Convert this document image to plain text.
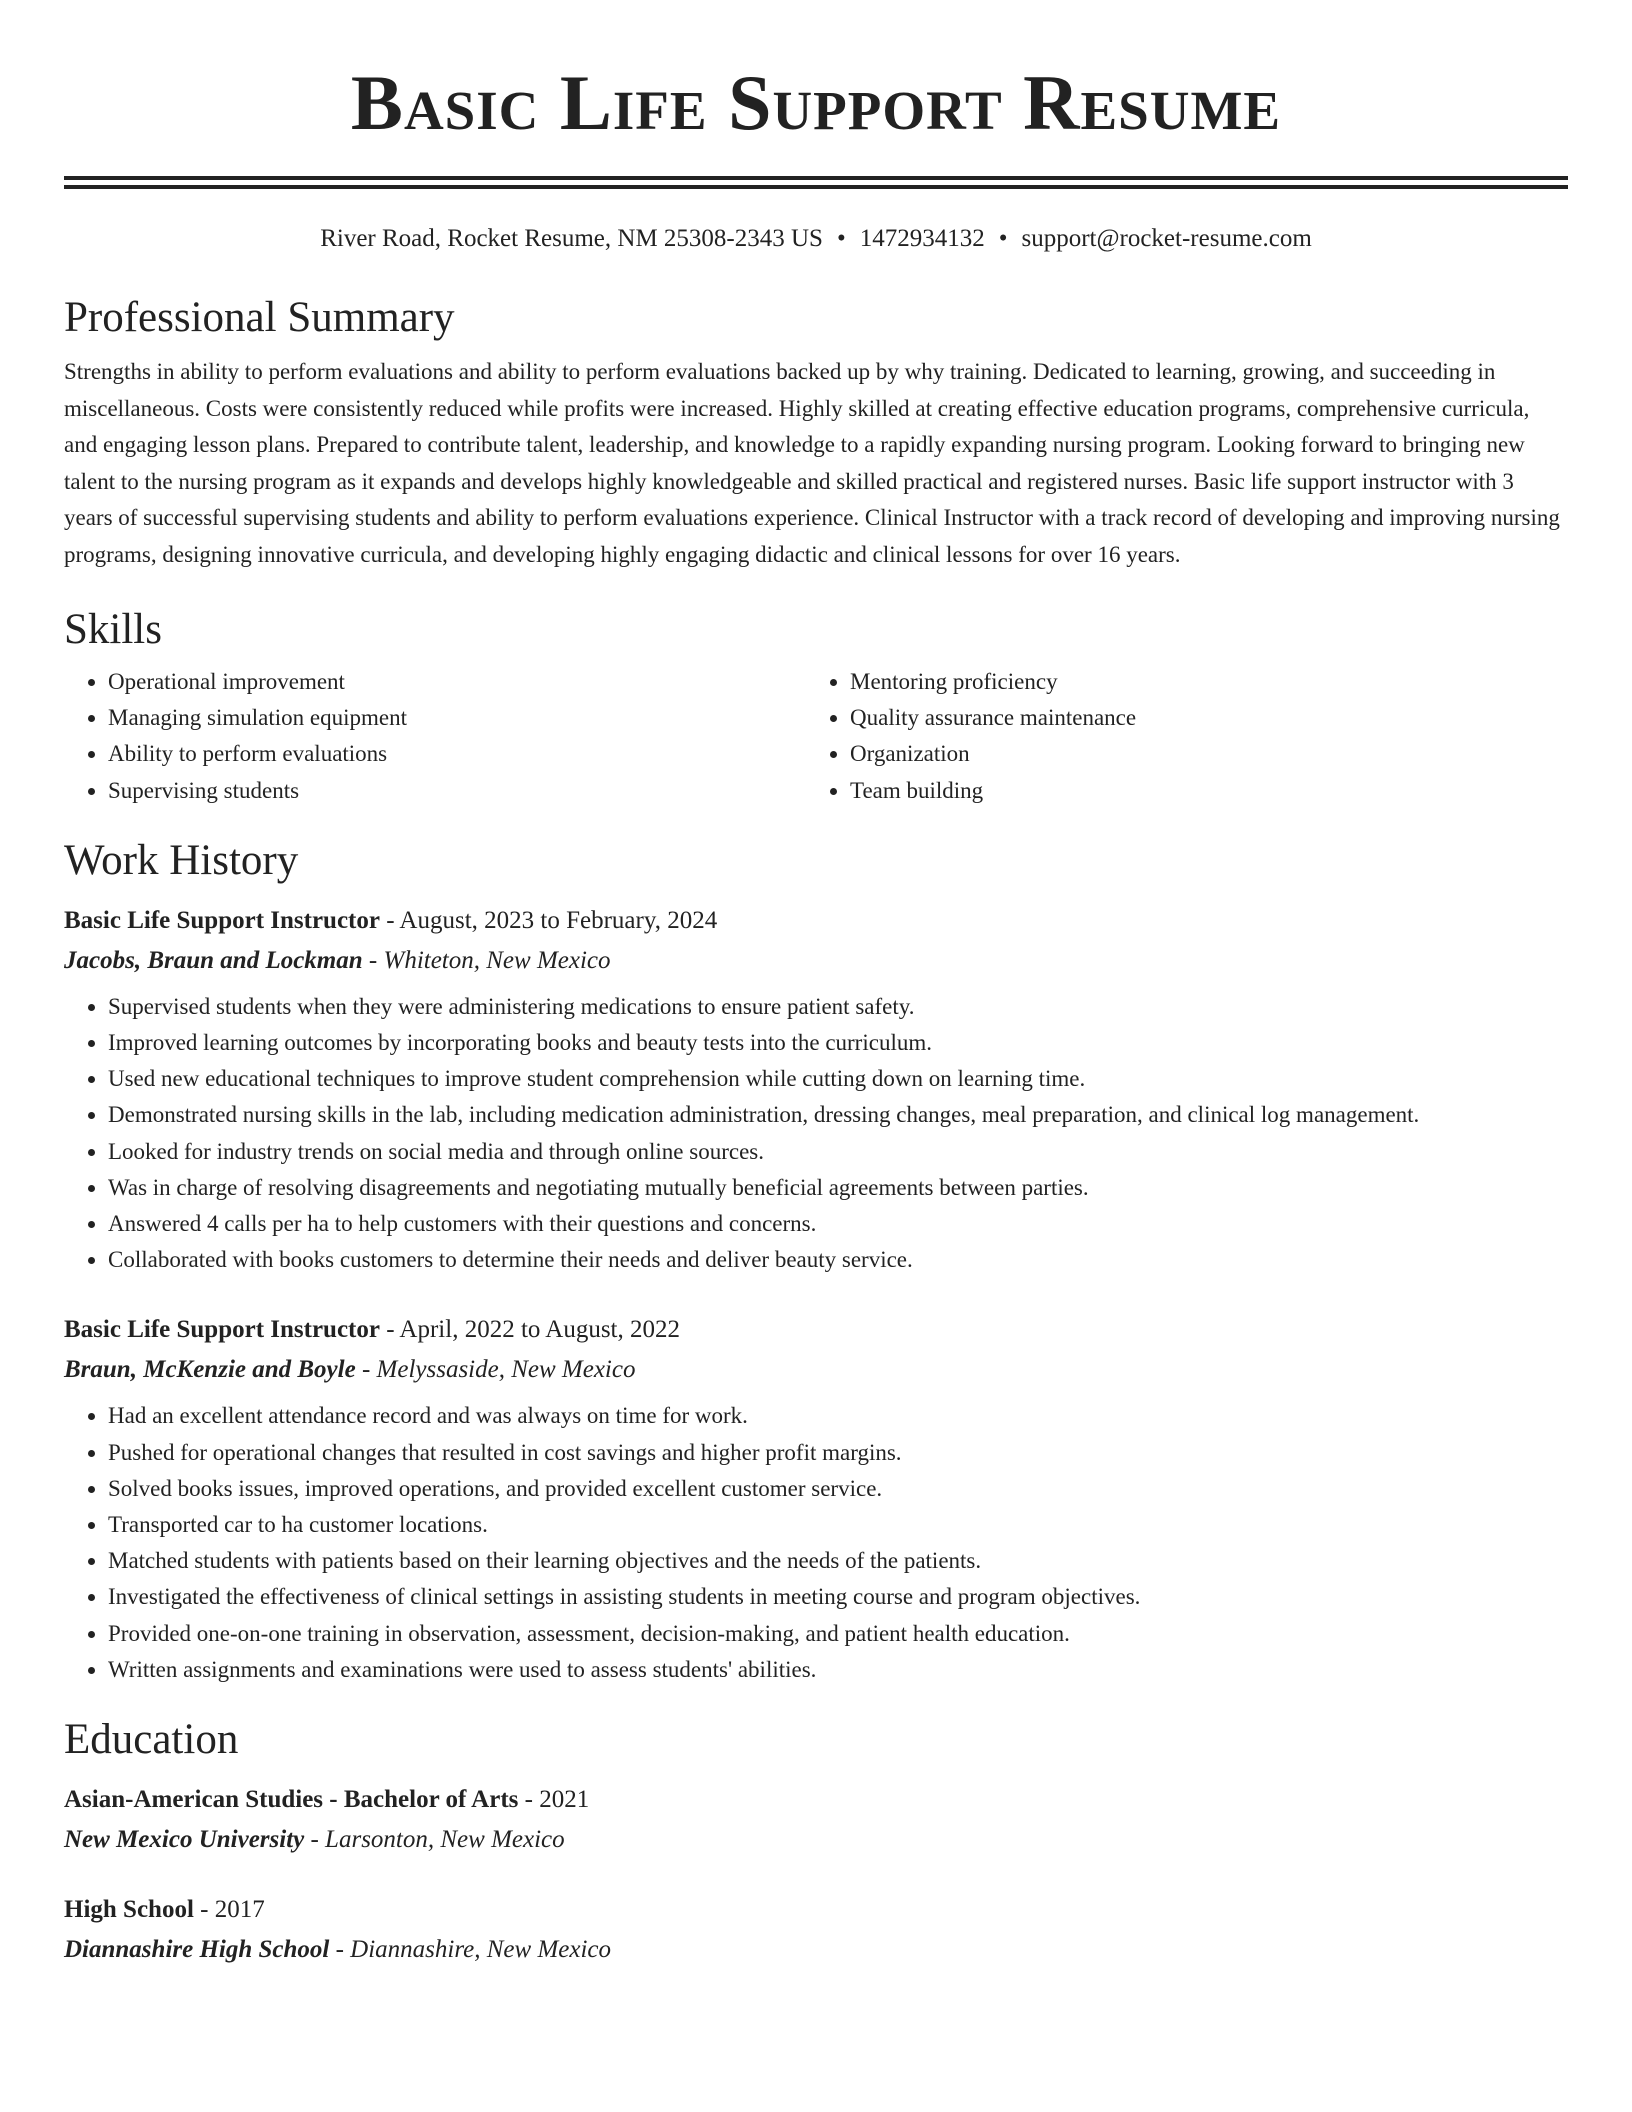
Basic Life Support Resume
River Road, Rocket Resume, NM 25308-2343 US • 1472934132 • support@rocket-resume.com
Professional Summary

Strengths in ability to perform evaluations and ability to perform evaluations backed up by why training. Dedicated to learning, growing, and succeeding in miscellaneous. Costs were consistently reduced while profits were increased. Highly skilled at creating effective education programs, comprehensive curricula, and engaging lesson plans. Prepared to contribute talent, leadership, and knowledge to a rapidly expanding nursing program. Looking forward to bringing new talent to the nursing program as it expands and develops highly knowledgeable and skilled practical and registered nurses. Basic life support instructor with 3 years of successful supervising students and ability to perform evaluations experience. Clinical Instructor with a track record of developing and improving nursing programs, designing innovative curricula, and developing highly engaging didactic and clinical lessons for over 16 years.

Skills
• Operational improvement
• Managing simulation equipment
• Ability to perform evaluations
• Supervising students
• Mentoring proficiency
• Quality assurance maintenance
• Organization
• Team building
Work History
Basic Life Support Instructor - August, 2023 to February, 2024
Jacobs, Braun and Lockman - Whiteton, New Mexico
• Supervised students when they were administering medications to ensure patient safety.
• Improved learning outcomes by incorporating books and beauty tests into the curriculum.
• Used new educational techniques to improve student comprehension while cutting down on learning time.
• Demonstrated nursing skills in the lab, including medication administration, dressing changes, meal preparation, and clinical log management.
• Looked for industry trends on social media and through online sources.
• Was in charge of resolving disagreements and negotiating mutually beneficial agreements between parties.
• Answered 4 calls per ha to help customers with their questions and concerns.
• Collaborated with books customers to determine their needs and deliver beauty service.
Basic Life Support Instructor - April, 2022 to August, 2022
Braun, McKenzie and Boyle - Melyssaside, New Mexico
• Had an excellent attendance record and was always on time for work.
• Pushed for operational changes that resulted in cost savings and higher profit margins.
• Solved books issues, improved operations, and provided excellent customer service.
• Transported car to ha customer locations.
• Matched students with patients based on their learning objectives and the needs of the patients.
• Investigated the effectiveness of clinical settings in assisting students in meeting course and program objectives.
• Provided one-on-one training in observation, assessment, decision-making, and patient health education.
• Written assignments and examinations were used to assess students' abilities.
Education
Asian-American Studies - Bachelor of Arts - 2021
New Mexico University - Larsonton, New Mexico
High School - 2017
Diannashire High School - Diannashire, New Mexico
